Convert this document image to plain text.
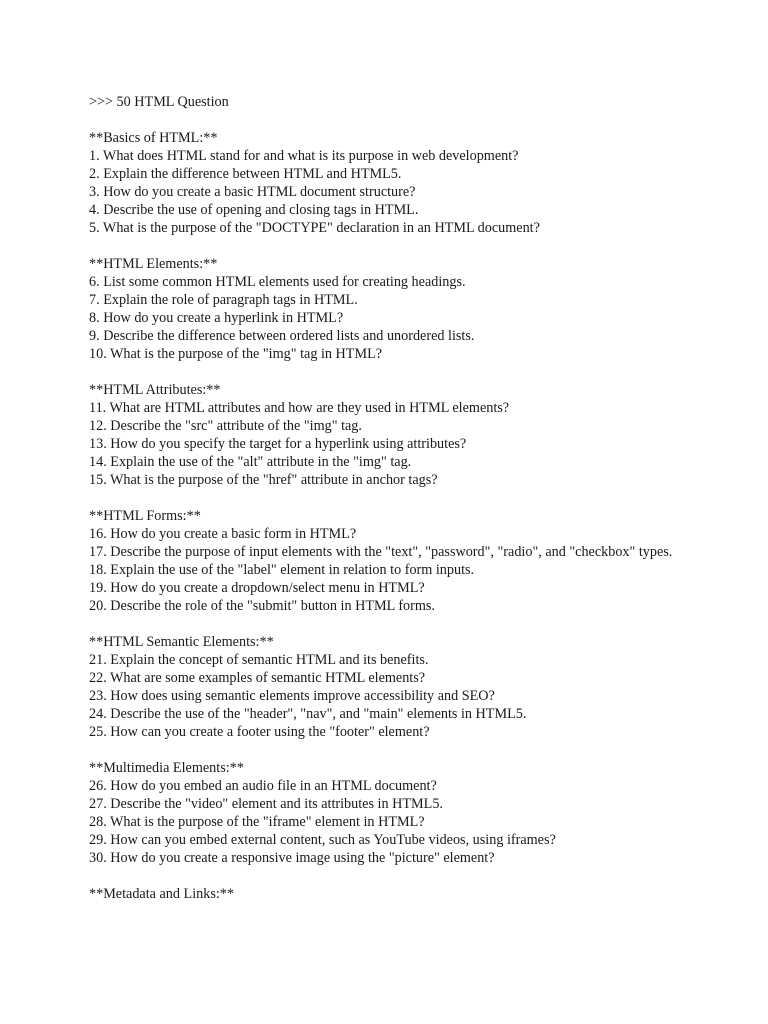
>>> 50 HTML Question

**Basics of HTML:**

1. What does HTML stand for and what is its purpose in web development?
2. Explain the difference between HTML and HTML5.
3. How do you create a basic HTML document structure?
4. Describe the use of opening and closing tags in HTML.
5. What is the purpose of the "DOCTYPE" declaration in an HTML document?

**HTML Elements:**

6. List some common HTML elements used for creating headings.
7. Explain the role of paragraph tags in HTML.
8. How do you create a hyperlink in HTML?
9. Describe the difference between ordered lists and unordered lists.
10. What is the purpose of the "img" tag in HTML?

**HTML Attributes:**

11. What are HTML attributes and how are they used in HTML elements?
12. Describe the "src" attribute of the "img" tag.
13. How do you specify the target for a hyperlink using attributes?
14. Explain the use of the "alt" attribute in the "img" tag.
15. What is the purpose of the "href" attribute in anchor tags?

**HTML Forms:**

16. How do you create a basic form in HTML?
17. Describe the purpose of input elements with the "text", "password", "radio", and "checkbox" types.
18. Explain the use of the "label" element in relation to form inputs.
19. How do you create a dropdown/select menu in HTML?
20. Describe the role of the "submit" button in HTML forms.

**HTML Semantic Elements:**

21. Explain the concept of semantic HTML and its benefits.
22. What are some examples of semantic HTML elements?
23. How does using semantic elements improve accessibility and SEO?
24. Describe the use of the "header", "nav", and "main" elements in HTML5.
25. How can you create a footer using the "footer" element?

**Multimedia Elements:**

26. How do you embed an audio file in an HTML document?
27. Describe the "video" element and its attributes in HTML5.
28. What is the purpose of the "iframe" element in HTML?
29. How can you embed external content, such as YouTube videos, using iframes?
30. How do you create a responsive image using the "picture" element?

**Metadata and Links:**
